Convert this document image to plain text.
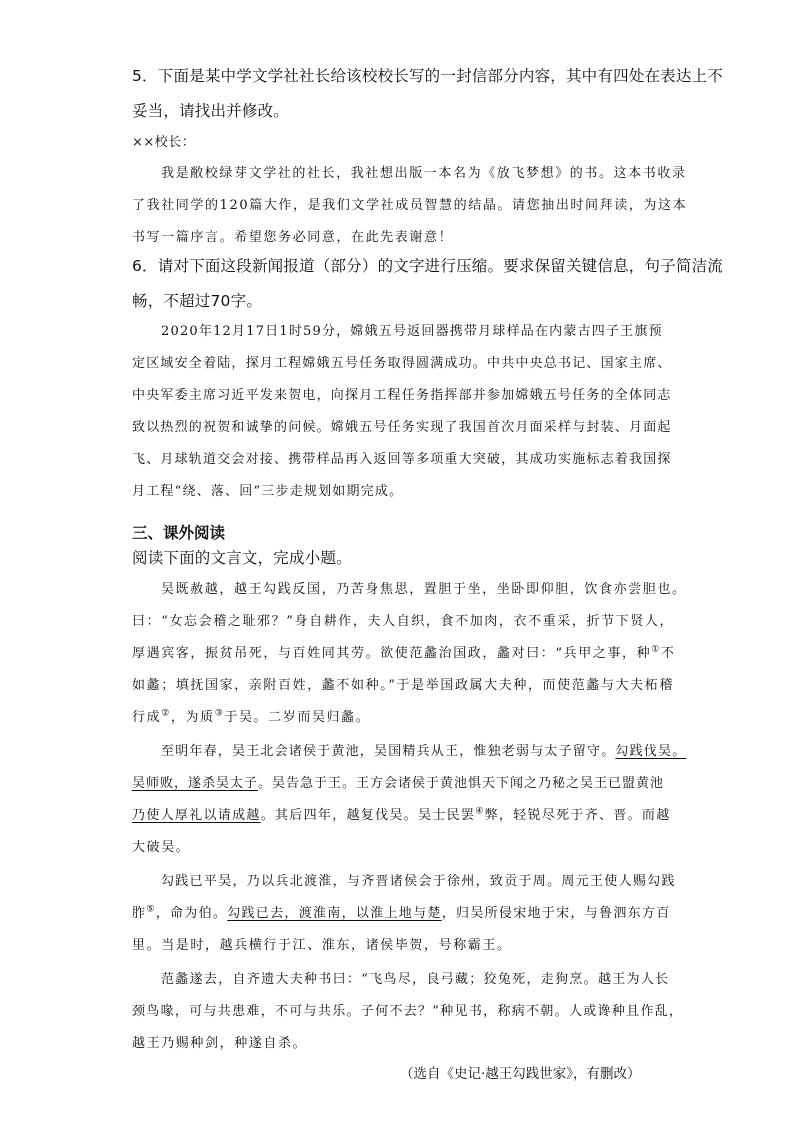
5．下面是某中学文学社社长给该校校长写的一封信部分内容，其中有四处在表达上不
妥当，请找出并修改。
××校长：
我是敝校绿芽文学社的社长，我社想出版一本名为《放飞梦想》的书。这本书收录
了我社同学的120篇大作，是我们文学社成员智慧的结晶。请您抽出时间拜读，为这本
书写一篇序言。希望您务必同意，在此先表谢意！
6．请对下面这段新闻报道（部分）的文字进行压缩。要求保留关键信息，句子简洁流
畅，不超过70字。
2020年12月17日1时59分，嫦娥五号返回器携带月球样品在内蒙古四子王旗预
定区域安全着陆，探月工程嫦娥五号任务取得圆满成功。中共中央总书记、国家主席、
中央军委主席习近平发来贺电，向探月工程任务指挥部并参加嫦娥五号任务的全体同志
致以热烈的祝贺和诚挚的问候。嫦娥五号任务实现了我国首次月面采样与封装、月面起
飞、月球轨道交会对接、携带样品再入返回等多项重大突破，其成功实施标志着我国探
月工程“绕、落、回”三步走规划如期完成。
三、课外阅读
阅读下面的文言文，完成小题。
吴既赦越，越王勾践反国，乃苦身焦思，置胆于坐，坐卧即仰胆，饮食亦尝胆也。
曰：“女忘会稽之耻邪？”身自耕作，夫人自织，食不加肉，衣不重采，折节下贤人，
厚遇宾客，振贫吊死，与百姓同其劳。欲使范蠡治国政，蠡对曰：“兵甲之事，种①不
如蠡；填抚国家，亲附百姓，蠡不如种。”于是举国政属大夫种，而使范蠡与大夫柘稽
行成②，为质③于吴。二岁而吴归蠡。
至明年春，吴王北会诸侯于黄池，吴国精兵从王，惟独老弱与太子留守。勾践伐吴。
吴师败，遂杀吴太子。吴告急于王。王方会诸侯于黄池惧天下闻之乃秘之吴王已盟黄池
乃使人厚礼以请成越。其后四年，越复伐吴。吴士民罢④弊，轻锐尽死于齐、晋。而越
大破吴。
勾践已平吴，乃以兵北渡淮，与齐晋诸侯会于徐州，致贡于周。周元王使人赐勾践
胙⑤，命为伯。勾践已去，渡淮南，以淮上地与楚，归吴所侵宋地于宋，与鲁泗东方百
里。当是时，越兵横行于江、淮东，诸侯毕贺，号称霸王。
范蠡遂去，自齐遗大夫种书曰：“飞鸟尽，良弓藏；狡兔死，走狗烹。越王为人长
颈鸟喙，可与共患难，不可与共乐。子何不去？”种见书，称病不朝。人或谗种且作乱，
越王乃赐种剑，种遂自杀。
（选自《史记·越王勾践世家》，有删改）
